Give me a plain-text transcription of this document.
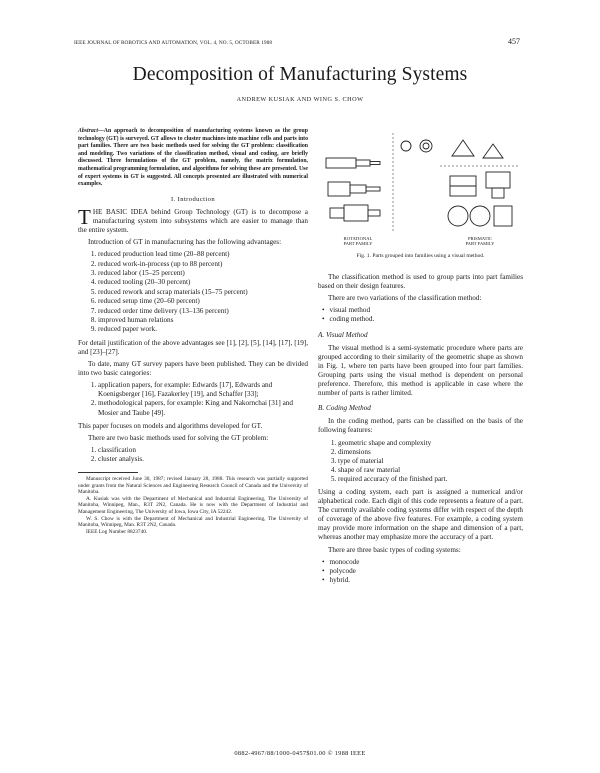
IEEE JOURNAL OF ROBOTICS AND AUTOMATION, VOL. 4, NO. 5, OCTOBER 1988	457
Decomposition of Manufacturing Systems
ANDREW KUSIAK AND WING S. CHOW
Abstract—An approach to decomposition of manufacturing systems known as the group technology (GT) is surveyed. GT allows to cluster machines into machine cells and parts into part families. There are two basic methods used for solving the GT problem: classification and modeling. Two variations of the classification method, visual and coding, are briefly discussed. Three formulations of the GT problem, namely, the matrix formulation, mathematical programming formulation, and algorithms for solving these are presented. Use of expert systems in GT is suggested. All concepts presented are illustrated with numerical examples.
I. Introduction

THE BASIC IDEA behind Group Technology (GT) is to decompose a manufacturing system into subsystems which are easier to manage than the entire system.

Introduction of GT in manufacturing has the following advantages:

1. reduced production lead time (20–88 percent)
2. reduced work-in-process (up to 88 percent)
3. reduced labor (15–25 percent)
4. reduced tooling (20–30 percent)
5. reduced rework and scrap materials (15–75 percent)
6. reduced setup time (20–60 percent)
7. reduced order time delivery (13–136 percent)
8. improved human relations
9. reduced paper work.

For detail justification of the above advantages see [1], [2], [5], [14], [17], [19], and [23]–[27].

To date, many GT survey papers have been published. They can be divided into two basic categories:

1. application papers, for example: Edwards [17], Edwards and Koenigsberger [16], Fazakerley [19], and Schaffer [33];
2. methodological papers, for example: King and Nakornchai [31] and Mosier and Taube [49].

This paper focuses on models and algorithms developed for GT.

There are two basic methods used for solving the GT problem:

1. classification
2. cluster analysis.

Manuscript received June 30, 1987; revised January 28, 1988. This research was partially supported under grants from the Natural Sciences and Engineering Research Council of Canada and the University of Manitoba.

A. Kusiak was with the Department of Mechanical and Industrial Engineering, The University of Manitoba, Winnipeg, Man., R3T 2N2, Canada. He is now with the Department of Industrial and Management Engineering, The University of Iowa, Iowa City, IA 52242.

W. S. Chow is with the Department of Mechanical and Industrial Engineering, The University of Manitoba, Winnipeg, Man. R3T 2N2, Canada.

IEEE Log Number 8823740.

ROTATIONAL
PART FAMILY
PRISMATIC
PART FAMILY
Fig. 1. Parts grouped into families using a visual method.

The classification method is used to group parts into part families based on their design features.

There are two variations of the classification method:

• visual method
• coding method.
A. Visual Method

The visual method is a semi-systematic procedure where parts are grouped according to their similarity of the geometric shape as shown in Fig. 1, where ten parts have been grouped into four part families. Grouping parts using the visual method is dependent on personal preference. Therefore, this method is applicable in case where the number of parts is rather limited.

B. Coding Method

In the coding method, parts can be classified on the basis of the following features:

1. geometric shape and complexity
2. dimensions
3. type of material
4. shape of raw material
5. required accuracy of the finished part.

Using a coding system, each part is assigned a numerical and/or alphabetical code. Each digit of this code represents a feature of a part. The currently available coding systems differ with respect of the depth of coverage of the above five features. For example, a coding system may provide more information on the shape and dimension of a part, whereas another may emphasize more the accuracy of a part.

There are three basic types of coding systems:

• monocode
• polycode
• hybrid.
0882-4967/88/1000-0457$01.00 © 1988 IEEE
